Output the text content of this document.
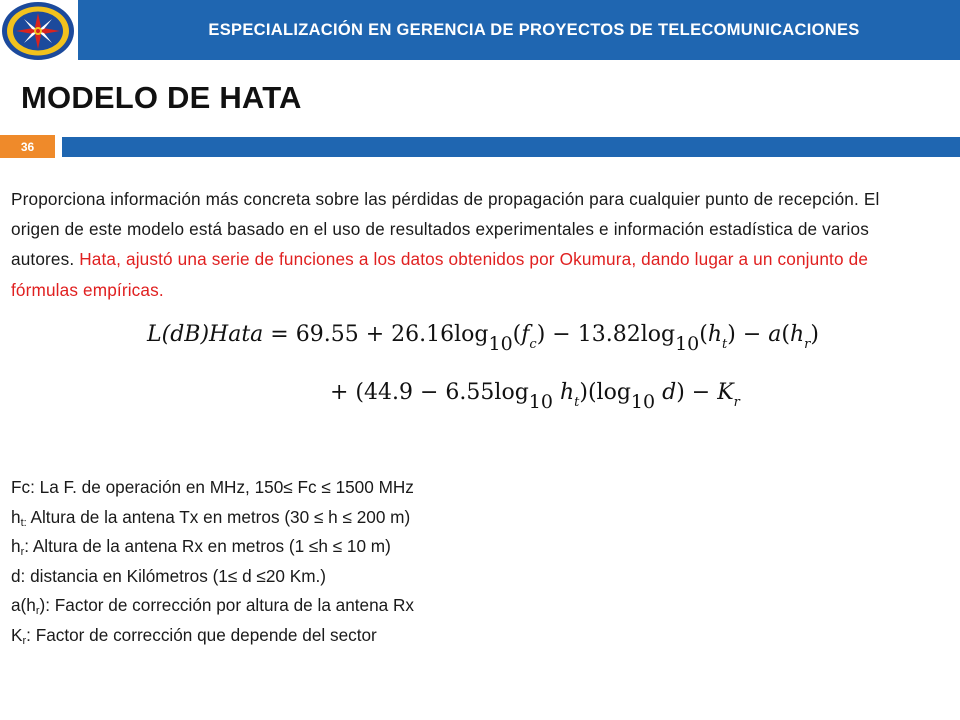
ESPECIALIZACIÓN EN GERENCIA DE PROYECTOS DE TELECOMUNICACIONES
MODELO DE HATA
36
Proporciona información más concreta sobre las pérdidas de propagación para cualquier punto de recepción. El origen de este modelo está basado en el uso de resultados experimentales e información estadística de varios autores. Hata, ajustó una serie de funciones a los datos obtenidos por Okumura, dando lugar a un conjunto de fórmulas empíricas.
L(dB)Hata = $69.55 + 26.16\log_{10}(f_c) - 13.82\log_{10}(h_t) - a(h_r)$
+ ($44.9 - 6.55\log_{10}$ $h_t)(\log_{10}$ $d) - K_r$
Fc: La F. de operación en MHz, 150≤ Fc ≤ 1500 MHz
$h_{t:}$ Altura de la antena Tx en metros (30 ≤ h ≤ 200 m)
$h_r$: Altura de la antena Rx en metros (1 ≤h ≤ 10 m)
d: distancia en Kilómetros (1≤ d ≤20 Km.)
$a(h_r)$: Factor de corrección por altura de la antena Rx
$K_r$: Factor de corrección que depende del sector
